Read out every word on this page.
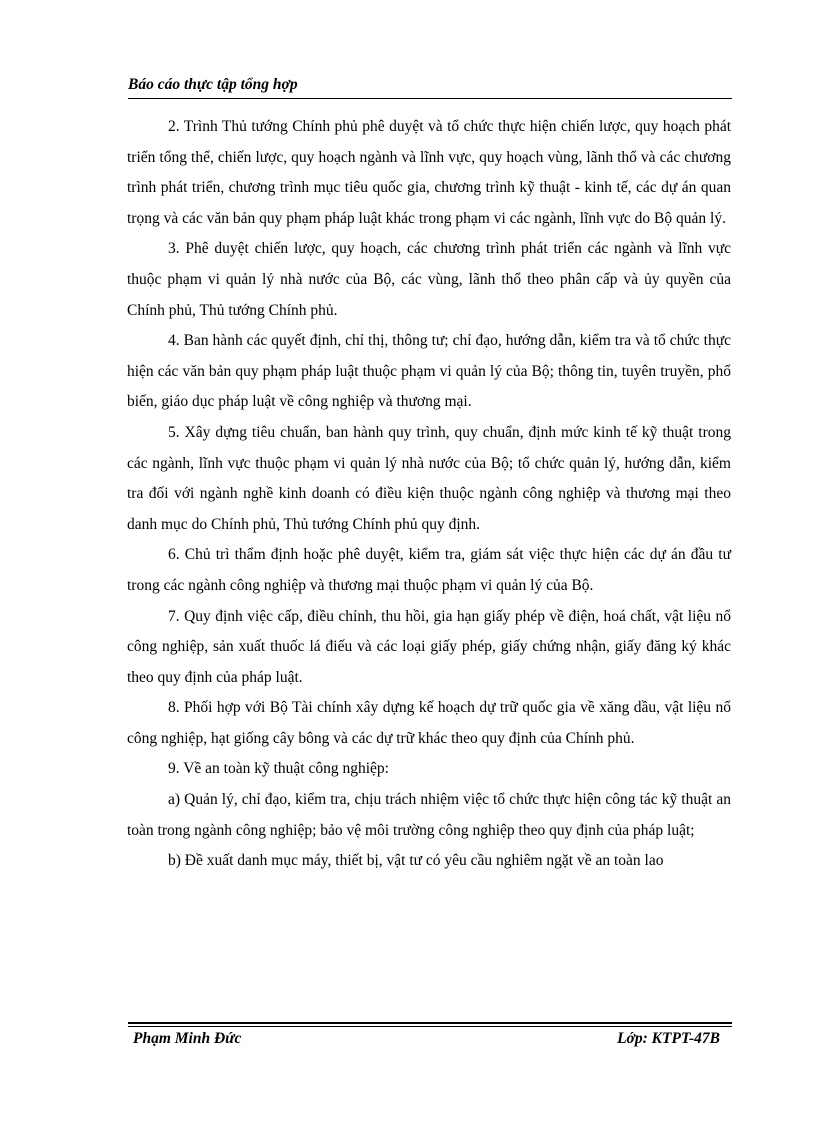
Báo cáo thực tập tổng hợp

2. Trình Thủ tướng Chính phủ phê duyệt và tổ chức thực hiện chiến lược, quy hoạch phát triển tổng thể, chiến lược, quy hoạch ngành và lĩnh vực, quy hoạch vùng, lãnh thổ và các chương trình phát triển, chương trình mục tiêu quốc gia, chương trình kỹ thuật - kinh tế, các dự án quan trọng và các văn bản quy phạm pháp luật khác trong phạm vi các ngành, lĩnh vực do Bộ quản lý.

3. Phê duyệt chiến lược, quy hoạch, các chương trình phát triển các ngành và lĩnh vực thuộc phạm vi quản lý nhà nước của Bộ, các vùng, lãnh thổ theo phân cấp và ủy quyền của Chính phủ, Thủ tướng Chính phủ.

4. Ban hành các quyết định, chỉ thị, thông tư; chỉ đạo, hướng dẫn, kiểm tra và tổ chức thực hiện các văn bản quy phạm pháp luật thuộc phạm vi quản lý của Bộ; thông tin, tuyên truyền, phổ biến, giáo dục pháp luật về công nghiệp và thương mại.

5. Xây dựng tiêu chuẩn, ban hành quy trình, quy chuẩn, định mức kinh tế kỹ thuật trong các ngành, lĩnh vực thuộc phạm vi quản lý nhà nước của Bộ; tổ chức quản lý, hướng dẫn, kiểm tra đối với ngành nghề kinh doanh có điều kiện thuộc ngành công nghiệp và thương mại theo danh mục do Chính phủ, Thủ tướng Chính phủ quy định.

6. Chủ trì thẩm định hoặc phê duyệt, kiểm tra, giám sát việc thực hiện các dự án đầu tư trong các ngành công nghiệp và thương mại thuộc phạm vi quản lý của Bộ.

7. Quy định việc cấp, điều chỉnh, thu hồi, gia hạn giấy phép về điện, hoá chất, vật liệu nổ công nghiệp, sản xuất thuốc lá điếu và các loại giấy phép, giấy chứng nhận, giấy đăng ký khác theo quy định của pháp luật.

8. Phối hợp với Bộ Tài chính xây dựng kế hoạch dự trữ quốc gia về xăng dầu, vật liệu nổ công nghiệp, hạt giống cây bông và các dự trữ khác theo quy định của Chính phủ.

9. Về an toàn kỹ thuật công nghiệp:

a) Quản lý, chỉ đạo, kiểm tra, chịu trách nhiệm việc tổ chức thực hiện công tác kỹ thuật an toàn trong ngành công nghiệp; bảo vệ môi trường công nghiệp theo quy định của pháp luật;

b) Đề xuất danh mục máy, thiết bị, vật tư có yêu cầu nghiêm ngặt về an toàn lao

Phạm Minh Đức	Lớp: KTPT-47B
